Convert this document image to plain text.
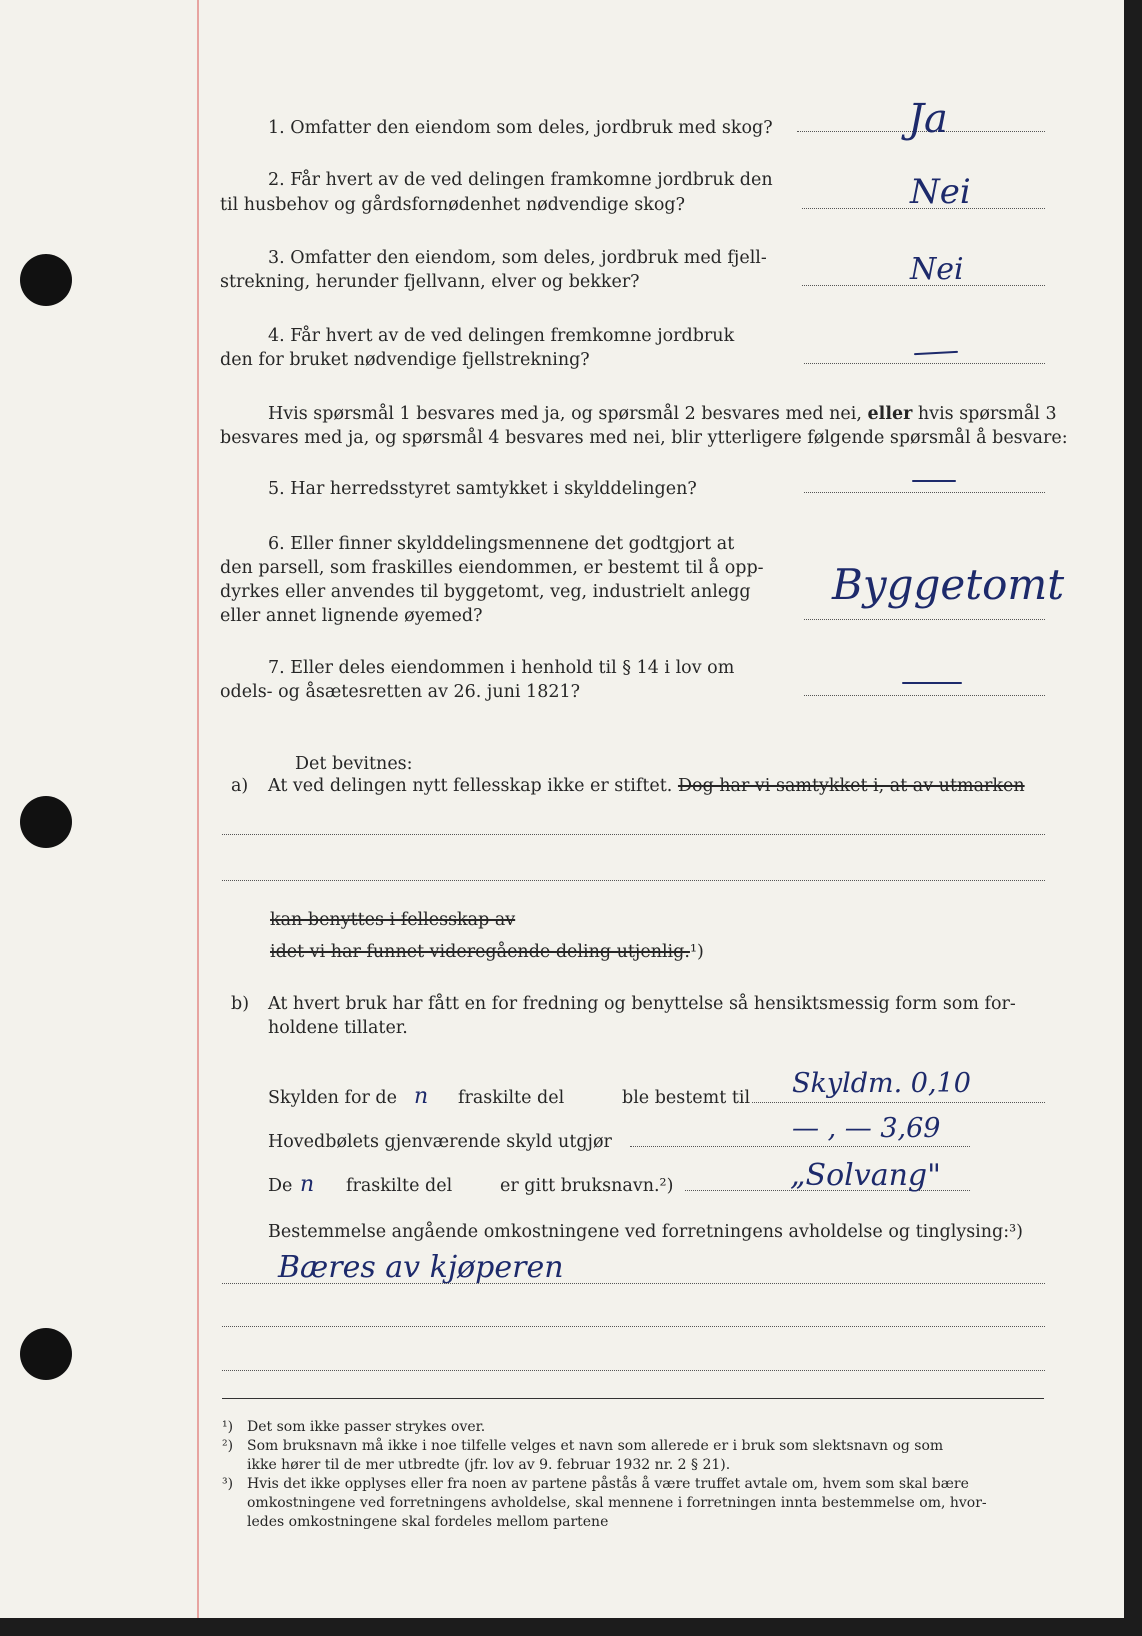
1. Omfatter den eiendom som deles, jordbruk med skog?	Ja
2. Får hvert av de ved delingen framkomne jordbruk den
til husbehov og gårdsfornødenhet nødvendige skog?	Nei
3. Omfatter den eiendom, som deles, jordbruk med fjell-
strekning, herunder fjellvann, elver og bekker?	Nei
4. Får hvert av de ved delingen fremkomne jordbruk
den for bruket nødvendige fjellstrekning?
Hvis spørsmål 1 besvares med ja, og spørsmål 2 besvares med nei, eller hvis spørsmål 3
besvares med ja, og spørsmål 4 besvares med nei, blir ytterligere følgende spørsmål å besvare:
5. Har herredsstyret samtykket i skylddelingen?
6. Eller finner skylddelingsmennene det godtgjort at
den parsell, som fraskilles eiendommen, er bestemt til å opp-
dyrkes eller anvendes til byggetomt, veg, industrielt anlegg
eller annet lignende øyemed?
Byggetomt
7. Eller deles eiendommen i henhold til § 14 i lov om
odels- og åsætesretten av 26. juni 1821?
Det bevitnes:
a) At ved delingen nytt fellesskap ikke er stiftet. Dog har vi samtykket i, at av utmarken
kan benyttes i fellesskap av
idet vi har funnet videregående deling utjenlig.¹)
b) At hvert bruk har fått en for fredning og benyttelse så hensiktsmessig form som for-
holdene tillater.
Skylden for de n fraskilte del	ble bestemt til Skyldm. 0,10
Hovedbølets gjenværende skyld utgjør	— , — 3,69
De n fraskilte del	er gitt bruksnavn.²)	„Solvang"
Bestemmelse angående omkostningene ved forretningens avholdelse og tinglysing:³)
Bæres av kjøperen
¹) Det som ikke passer strykes over.
²) Som bruksnavn må ikke i noe tilfelle velges et navn som allerede er i bruk som slektsnavn og som
ikke hører til de mer utbredte (jfr. lov av 9. februar 1932 nr. 2 § 21).
³) Hvis det ikke opplyses eller fra noen av partene påstås å være truffet avtale om, hvem som skal bære
omkostningene ved forretningens avholdelse, skal mennene i forretningen innta bestemmelse om, hvor-
ledes omkostningene skal fordeles mellom partene
